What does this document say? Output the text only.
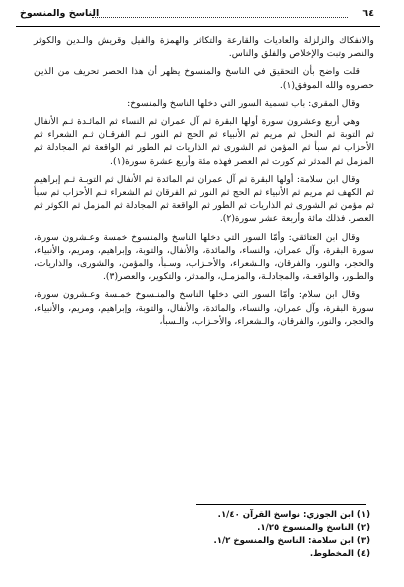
٦٤
الناسخ والمنسوخ

والانفكاك والزلزلة والعاديات والقارعة والتكاثر والهمزة والفيل وقريش والـدين والكوثر والنصر وتبت والإخلاص والفلق والناس.

قلت واضح بأن التحقيق في الناسخ والمنسوخ يظهر أن هذا الحصر تحريف من الذين حصروه والله الموفق(١).

وقال المقري: باب تسمية السور التي دخلها الناسخ والمنسوخ:

وهي أربع وعشرون سورة أولها البقرة ثم آل عمران ثم النساء ثم المائـدة ثـم الأنفال ثم التوبة ثم النحل ثم مريم ثم الأنبياء ثم الحج ثم النور ثـم الفرقـان ثـم الشعراء ثم الأحزاب ثم سبأ ثم المؤمن ثم الشورى ثم الذاريات ثم الطور ثم الواقعة ثم المجادلة ثم المزمل ثم المدثر ثم كورت ثم العصر فهذه مئة وأربع عشرة سورة(١).

وقال ابن سلامة: أولها البقرة ثم آل عمران ثم المائدة ثم الأنفال ثم التوبـة ثـم إبراهيم ثم الكهف ثم مريم ثم الأنبياء ثم الحج ثم النور ثم الفرقان ثم الشعراء ثـم الأحزاب ثم سبأ ثم مؤمن ثم الشورى ثم الذاريات ثم الطور ثم الواقعة ثم المجادلة ثم المزمل ثم الكوثر ثم العصر. فذلك مائة وأربعة عشر سورة(٢).

وقال ابن العتائقي: وأمّا السور التي دخلها الناسخ والمنسوخ خمسة وعـشرون سورة، سورة البقرة، وآل عمران، والنساء، والمائدة، والأنفال، والتوبة، وإبراهيم، ومريم، والأنبياء، والحجر، والنور، والفرقان، والـشعراء، والأحـزاب، وسـبأ، والمؤمن، والشورى، والذاريات، والطـور، والواقعـة، والمجادلـة، والمزمـل، والمدثر، والتكوير، والعصر(٣).

وقال ابن سلام: وأمّا السور التي دخلها الناسخ والمنـسوخ خمـسة وعـشرون سورة، سورة البقرة، وآل عمران، والنساء، والمائدة، والأنفال، والتوبة، وإبراهيم، ومريم، والأنبياء، والحجر، والنور، والفرقان، والـشعراء، والأحـزاب، والـسبأ،

(١) ابن الجوزي: نواسخ القرآن ١/٤٠.
(٢) الناسخ والمنسوخ ١/٢٥.
(٣) ابن سلامة: الناسخ والمنسوخ ١/٢.
(٤) المخطوط.
